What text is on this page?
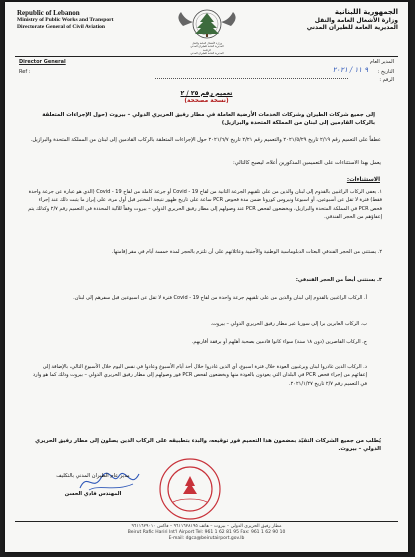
Republic of Lebanon
Ministry of Public Works and Transport
Directorate General of Civil Aviation
وزارة الأشغال العامة والنقل
المديرية العامة للطيران المدني
الرئاسة
المديرية العامة للطيران المدني
الجمهورية اللبنانية
وزارة الأشغال العامة والنقل
المديرية العامة للطيران المدني
Director General	المدير العام
Ref :	التاريخ :
٩ ١١ / ٢٠٢١
الرقم :
تعميم رقم ٢٥ / ٢
(نسخة مصححة)
إلى جميع شركات الطيران وشركات الخدمات الأرضية العاملة في مطار رفيق الحريري الدولي – بيروت (حول الإجراءات المتعلقة بالركاب القادمين إلى لبنان من المملكة المتحدة والبرازيل)
عطفاً على التعميم رقم ٢/١٩ تاريخ ٢٠٢١/٥/٢٩ والتعميم رقم ٢/٢١ تاريخ ٢٠٢١/٦/٧ حول الإجراءات المتعلقة بالركاب القادمين إلى لبنان من المملكة المتحدة والبرازيل.
يعمل بهذا الاستثناءات على التعميمين المذكورين أعلاه، ليصبح كالتالي:
الاستثناءات:
١. يعفى الركاب الراغبين بالقدوم إلى لبنان والذين من على تلقيهم الجرعة الثانية من لقاح Covid - 19 أو جرعة كاملة من لقاح Covid - 19 (الذي هو عبارة عن جرعة واحدة فقط) فترة لا تقل عن أسبوعين، أو اسبوعا ونيروس كورونا ضمن مدة فحوص PCR ساعة على تاريخ ظهور نتيجة المختبر قبل أول مرة، على إبراز ما يثبت ذلك عند إجراء فحص PCR في المملكة المتحدة والبرازيل، ويخضعون لفحص PCR عند وصولهم إلى مطار رفيق الحريري الدولي – بيروت وفقاً للآلية المحددة في التعميم رقم ٢/٧ وكذلك يتم إعفاؤهم من الحجر الفندقي.
٢. يستثنى من الحجر الفندقي البعثات الدبلوماسية الوطنية والأجنبية وعائلاتهم على أن تلتزم بالحجر لمدة خمسة أيام في مقر إقامتها.
٣. يستثنى أيضاً من الحجر الفندقي:
أ. الركاب الراغبين بالقدوم إلى لبنان والذين من على تلقيهم جرعة واحدة من لقاح Covid - 19 فترة لا تقل عن اسبوعين قبل سفرهم إلى لبنان.
ب. الركاب العابرين برا إلى سوريا عبر مطار رفيق الحريري الدولي – بيروت.
ج. الركاب القاصرين (دون ١٨ سنة) سواء كانوا قادمين بصحبة أهلهم أو برفقة أقاربهم.
د. الركاب الذين غادروا لبنان ويرغبون العودة خلال فترة اسبوع، أي الذين غادروا خلال أحد أيام الأسبوع وعادوا في نفس اليوم خلال الأسبوع التالي، بالإضافة إلى إعفائهم من إجراء فحص PCR في البلدان التي يعودون بالعودة منها ويخضعون لفحص PCR فور وصولهم إلى مطار رفيق الحريري الدولي – بيروت وذلك كما هو وارد في التعميم رقم ٢/٧ تاريخ ٢٠٢١/١/٢٧.
يُطلب من جميع الشركات التقيّد بمضمون هذا التعميم فور توقيعه، والبدء بتطبيقه على الركاب الذين يصلون إلى مطار رفيق الحريري الدولي – بيروت.
مدير عام الطيران المدني بالتكليف
المهندس فادي الحسن
مطار رفيق الحريري الدولي – بيروت – هاتف ٩٦١١٦٢٨١٩٥ – فاكس ٩٦١١٦٢٩٠١٠
Beirut Rafic Hariri Int'l Airport Tel: 961 1 62 81 95 Fax: 961 1 62 90 10
E-mail: dgca@beirutairport.gov.lb
